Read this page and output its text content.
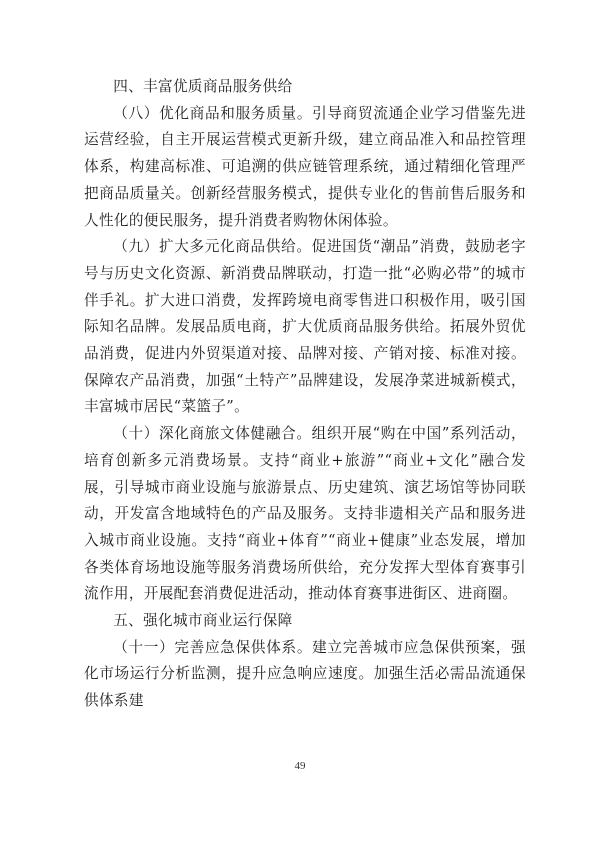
四、丰富优质商品服务供给

（八）优化商品和服务质量。引导商贸流通企业学习借鉴先进运营经验，自主开展运营模式更新升级，建立商品准入和品控管理体系，构建高标准、可追溯的供应链管理系统，通过精细化管理严把商品质量关。创新经营服务模式，提供专业化的售前售后服务和人性化的便民服务，提升消费者购物休闲体验。

（九）扩大多元化商品供给。促进国货“潮品”消费，鼓励老字号与历史文化资源、新消费品牌联动，打造一批“必购必带”的城市伴手礼。扩大进口消费，发挥跨境电商零售进口积极作用，吸引国际知名品牌。发展品质电商，扩大优质商品服务供给。拓展外贸优品消费，促进内外贸渠道对接、品牌对接、产销对接、标准对接。保障农产品消费，加强“土特产”品牌建设，发展净菜进城新模式，丰富城市居民“菜篮子”。

（十）深化商旅文体健融合。组织开展“购在中国”系列活动，培育创新多元消费场景。支持“商业+旅游”“商业+文化”融合发展，引导城市商业设施与旅游景点、历史建筑、演艺场馆等协同联动，开发富含地域特色的产品及服务。支持非遗相关产品和服务进入城市商业设施。支持“商业+体育”“商业+健康”业态发展，增加各类体育场地设施等服务消费场所供给，充分发挥大型体育赛事引流作用，开展配套消费促进活动，推动体育赛事进街区、进商圈。

五、强化城市商业运行保障

（十一）完善应急保供体系。建立完善城市应急保供预案，强化市场运行分析监测，提升应急响应速度。加强生活必需品流通保供体系建

49
